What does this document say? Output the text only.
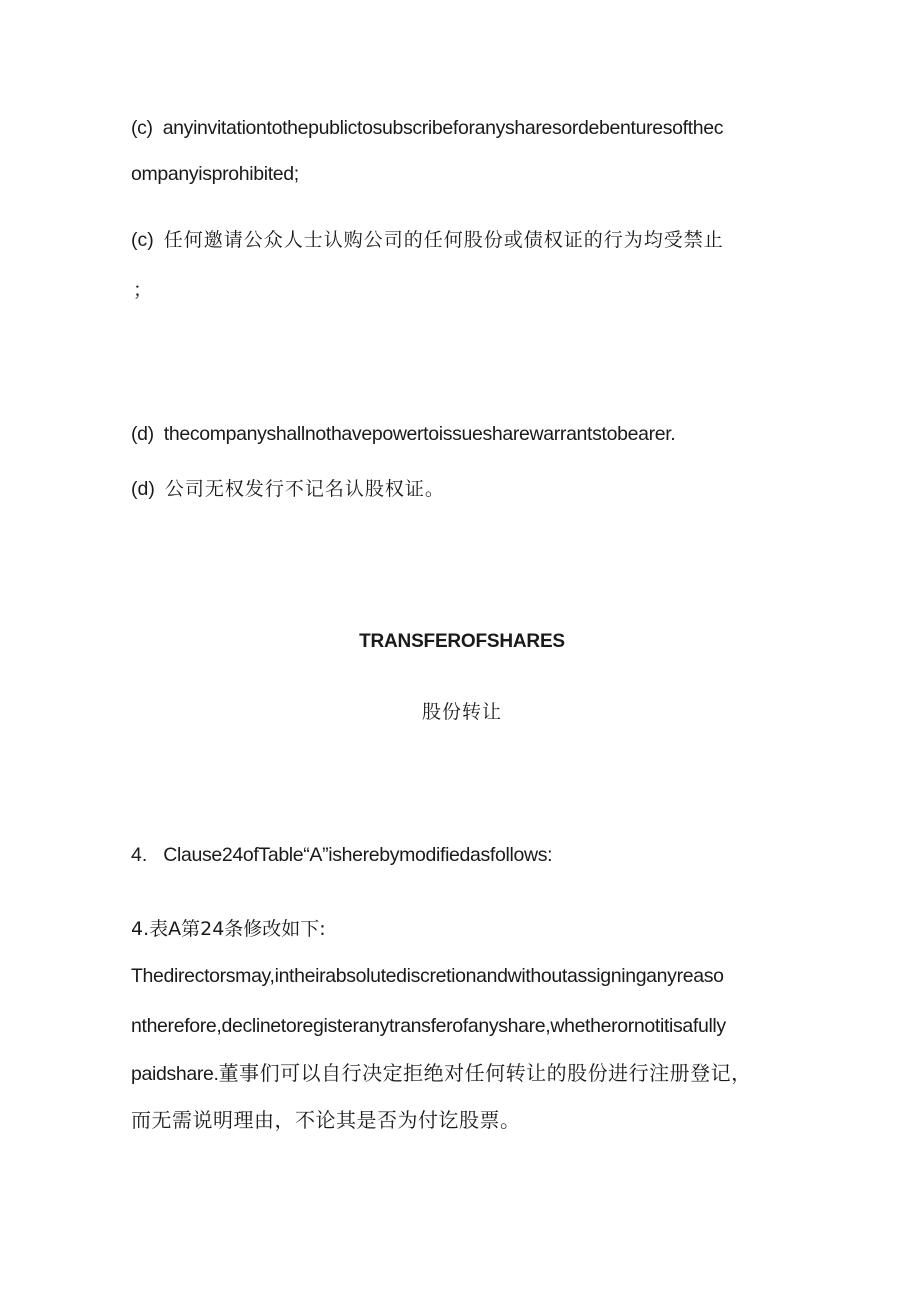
(c) anyinvitationtothepublictosubscribeforanysharesordebenturesofthec
ompanyisprohibited;
(c) 任何邀请公众人士认购公司的任何股份或债权证的行为均受禁止
；
(d) thecompanyshallnothavepowertoissuesharewarrantstobearer.
(d) 公司无权发行不记名认股权证。
TRANSFEROFSHARES
股份转让
4. Clause24ofTable“A”isherebymodifiedasfollows:
4.表A第24条修改如下:
Thedirectorsmay,intheirabsolutediscretionandwithoutassigninganyreaso
ntherefore,declinetoregisteranytransferofanyshare,whetherornotitisafully
paidshare.董事们可以自行决定拒绝对任何转让的股份进行注册登记，
而无需说明理由，不论其是否为付讫股票。
